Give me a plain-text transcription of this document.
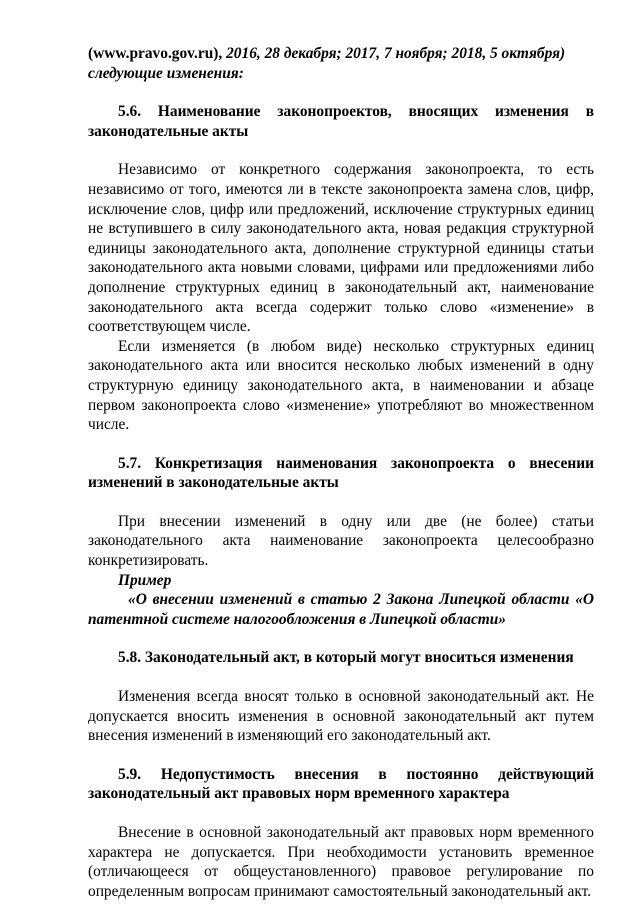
(www.pravo.gov.ru), 2016, 28 декабря; 2017, 7 ноября; 2018, 5 октября)
следующие изменения:

5.6. Наименование законопроектов, вносящих изменения в законодательные акты

Независимо от конкретного содержания законопроекта, то есть независимо от того, имеются ли в тексте законопроекта замена слов, цифр, исключение слов, цифр или предложений, исключение структурных единиц не вступившего в силу законодательного акта, новая редакция структурной единицы законодательного акта, дополнение структурной единицы статьи законодательного акта новыми словами, цифрами или предложениями либо дополнение структурных единиц в законодательный акт, наименование законодательного акта всегда содержит только слово «изменение» в соответствующем числе.

Если изменяется (в любом виде) несколько структурных единиц законодательного акта или вносится несколько любых изменений в одну структурную единицу законодательного акта, в наименовании и абзаце первом законопроекта слово «изменение» употребляют во множественном числе.

5.7. Конкретизация наименования законопроекта о внесении изменений в законодательные акты

При внесении изменений в одну или две (не более) статьи законодательного акта наименование законопроекта целесообразно конкретизировать.

Пример

«О внесении изменений в статью 2 Закона Липецкой области «О патентной системе налогообложения в Липецкой области»

5.8. Законодательный акт, в который могут вноситься изменения

Изменения всегда вносят только в основной законодательный акт. Не допускается вносить изменения в основной законодательный акт путем внесения изменений в изменяющий его законодательный акт.

5.9. Недопустимость внесения в постоянно действующий законодательный акт правовых норм временного характера

Внесение в основной законодательный акт правовых норм временного характера не допускается. При необходимости установить временное (отличающееся от общеустановленного) правовое регулирование по определенным вопросам принимают самостоятельный законодательный акт.
